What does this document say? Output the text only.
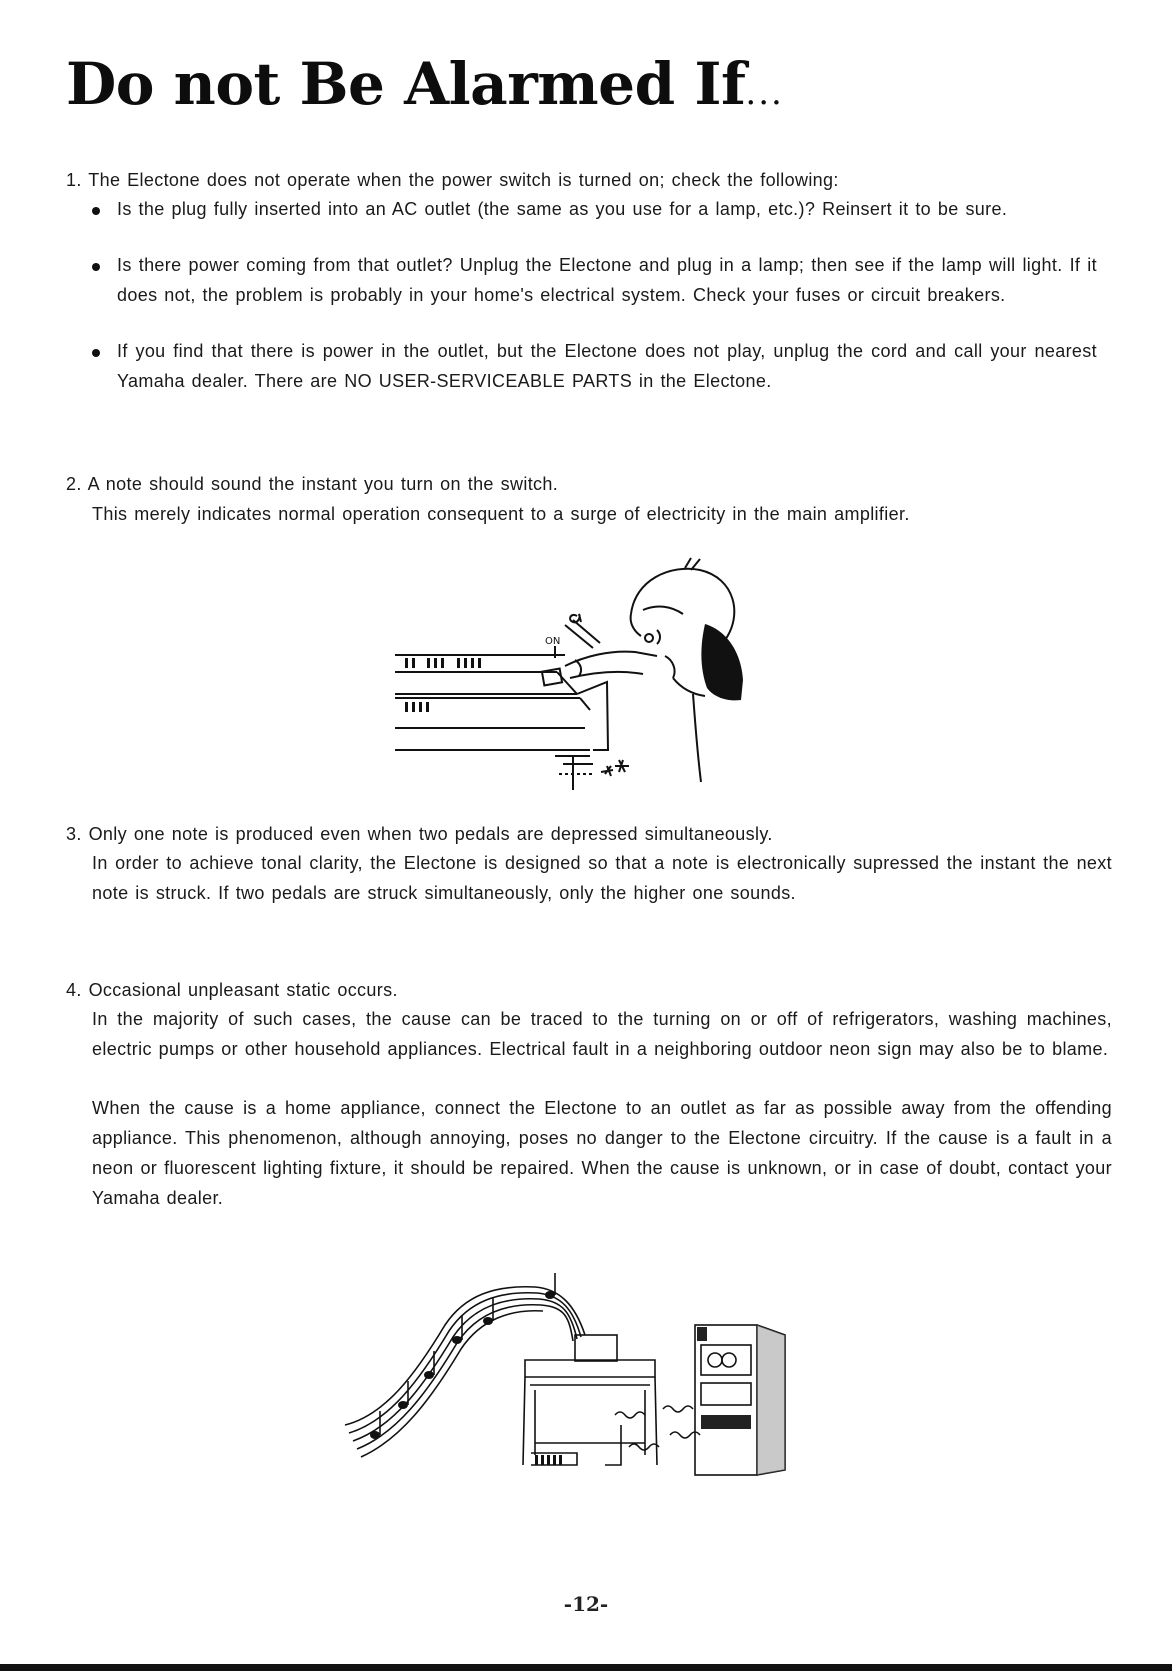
Do not Be Alarmed If...

1. The Electone does not operate when the power switch is turned on; check the following:

Is the plug fully inserted into an AC outlet (the same as you use for a lamp, etc.)? Reinsert it to be sure.

Is there power coming from that outlet? Unplug the Electone and plug in a lamp; then see if the lamp will light. If it does not, the problem is probably in your home's electrical system. Check your fuses or circuit breakers.

If you find that there is power in the outlet, but the Electone does not play, unplug the cord and call your nearest Yamaha dealer. There are NO USER-SERVICEABLE PARTS in the Electone.

2. A note should sound the instant you turn on the switch.

This merely indicates normal operation consequent to a surge of electricity in the main amplifier.

ON

3. Only one note is produced even when two pedals are depressed simultaneously.

In order to achieve tonal clarity, the Electone is designed so that a note is electronically supressed the instant the next note is struck. If two pedals are struck simultaneously, only the higher one sounds.

4. Occasional unpleasant static occurs.

In the majority of such cases, the cause can be traced to the turning on or off of refrigerators, washing machines, electric pumps or other household appliances. Electrical fault in a neighboring outdoor neon sign may also be to blame.

When the cause is a home appliance, connect the Electone to an outlet as far as possible away from the offending appliance. This phenomenon, although annoying, poses no danger to the Electone circuitry. If the cause is a fault in a neon or fluorescent lighting fixture, it should be repaired. When the cause is unknown, or in case of doubt, contact your Yamaha dealer.

-12-
